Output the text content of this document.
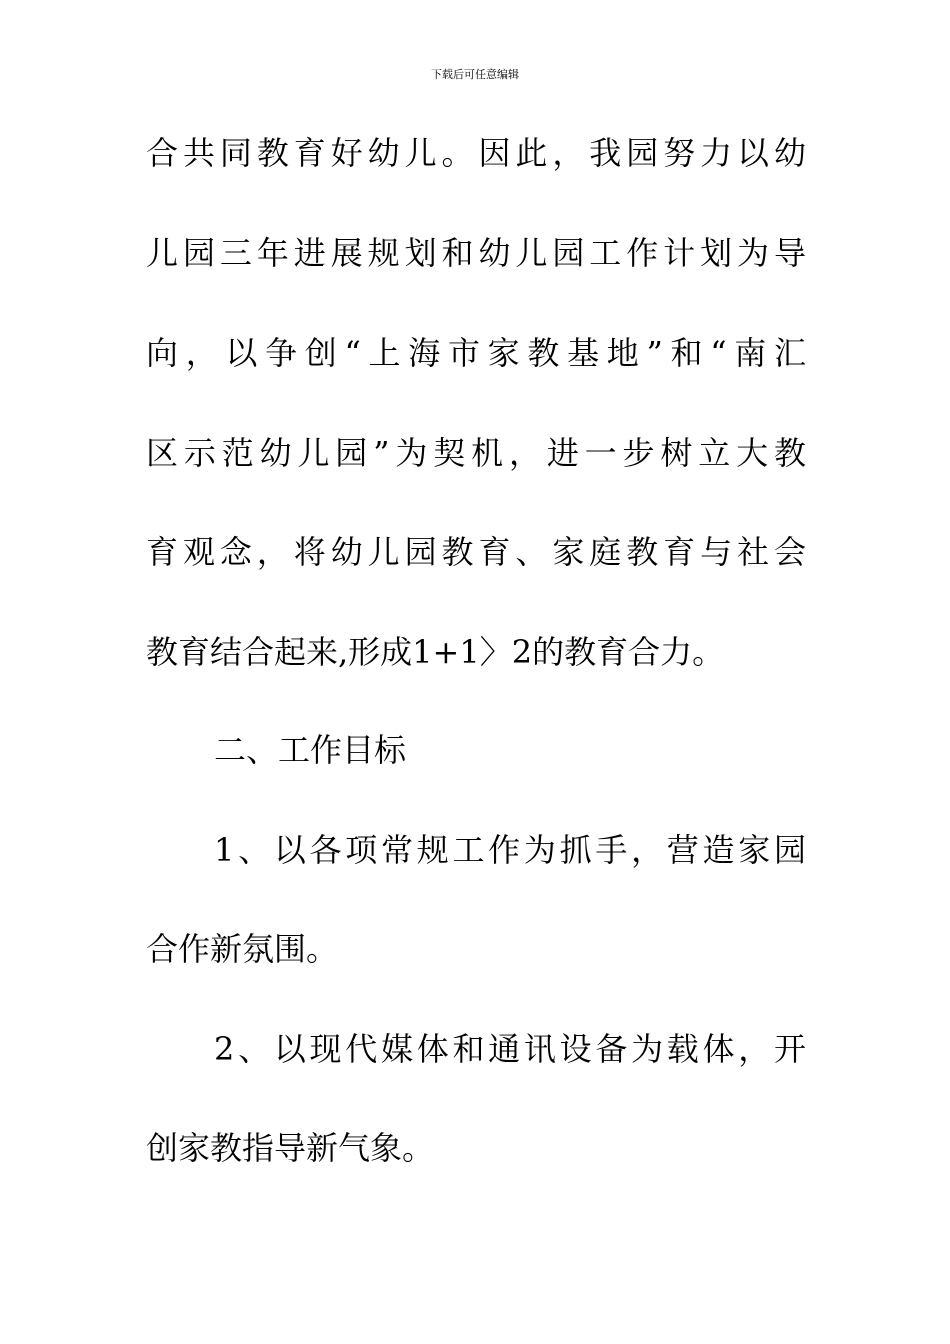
下载后可任意编辑
合共同教育好幼儿。因此，我园努力以幼
儿园三年进展规划和幼儿园工作计划为导
向，以争创“上海市家教基地”和“南汇
区示范幼儿园”为契机，进一步树立大教
育观念，将幼儿园教育、家庭教育与社会
教育结合起来,形成1+1〉2的教育合力。
二、工作目标
1、以各项常规工作为抓手，营造家园
合作新氛围。
2、以现代媒体和通讯设备为载体，开
创家教指导新气象。
